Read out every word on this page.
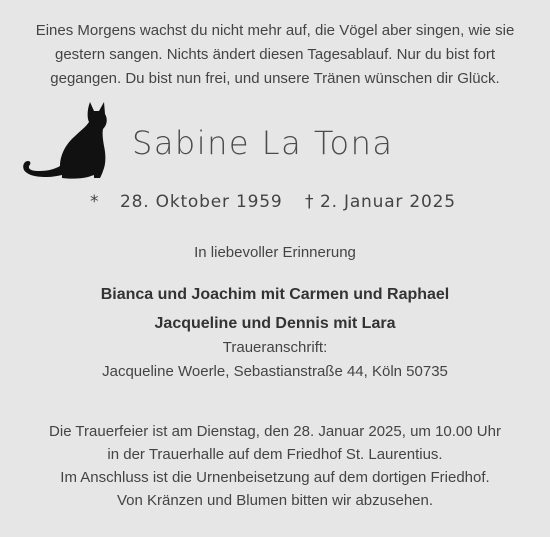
Eines Morgens wachst du nicht mehr auf, die Vögel aber singen, wie sie
gestern sangen. Nichts ändert diesen Tagesablauf. Nur du bist fort
gegangen. Du bist nun frei, und unsere Tränen wünschen dir Glück.
Sabine La Tona
* 28. Oktober 1959 † 2. Januar 2025
In liebevoller Erinnerung
Bianca und Joachim mit Carmen und Raphael
Jacqueline und Dennis mit Lara
Traueranschrift:
Jacqueline Woerle, Sebastianstraße 44, Köln 50735
Die Trauerfeier ist am Dienstag, den 28. Januar 2025, um 10.00 Uhr
in der Trauerhalle auf dem Friedhof St. Laurentius.
Im Anschluss ist die Urnenbeisetzung auf dem dortigen Friedhof.
Von Kränzen und Blumen bitten wir abzusehen.
